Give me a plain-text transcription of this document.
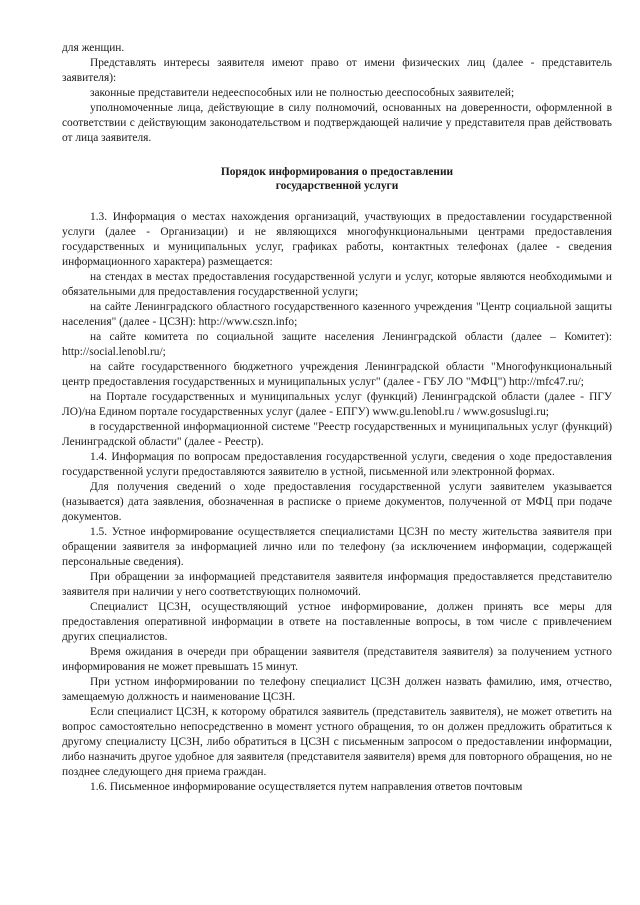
для женщин.

Представлять интересы заявителя имеют право от имени физических лиц (далее - представитель заявителя):

законные представители недееспособных или не полностью дееспособных заявителей;

уполномоченные лица, действующие в силу полномочий, основанных на доверенности, оформленной в соответствии с действующим законодательством и подтверждающей наличие у представителя прав действовать от лица заявителя.

Порядок информирования о предоставлении
государственной услуги

1.3. Информация о местах нахождения организаций, участвующих в предоставлении государственной услуги (далее - Организации) и не являющихся многофункциональными центрами предоставления государственных и муниципальных услуг, графиках работы, контактных телефонах (далее - сведения информационного характера) размещается:

на стендах в местах предоставления государственной услуги и услуг, которые являются необходимыми и обязательными для предоставления государственной услуги;

на сайте Ленинградского областного государственного казенного учреждения "Центр социальной защиты населения" (далее - ЦСЗН): http://www.cszn.info;

на сайте комитета по социальной защите населения Ленинградской области (далее – Комитет): http://social.lenobl.ru/;

на сайте государственного бюджетного учреждения Ленинградской области "Многофункциональный центр предоставления государственных и муниципальных услуг" (далее - ГБУ ЛО "МФЦ") http://mfc47.ru/;

на Портале государственных и муниципальных услуг (функций) Ленинградской области (далее - ПГУ ЛО)/на Едином портале государственных услуг (далее - ЕПГУ) www.gu.lenobl.ru / www.gosuslugi.ru;

в государственной информационной системе "Реестр государственных и муниципальных услуг (функций) Ленинградской области" (далее - Реестр).

1.4. Информация по вопросам предоставления государственной услуги, сведения о ходе предоставления государственной услуги предоставляются заявителю в устной, письменной или электронной формах.

Для получения сведений о ходе предоставления государственной услуги заявителем указывается (называется) дата заявления, обозначенная в расписке о приеме документов, полученной от МФЦ при подаче документов.

1.5. Устное информирование осуществляется специалистами ЦСЗН по месту жительства заявителя при обращении заявителя за информацией лично или по телефону (за исключением информации, содержащей персональные сведения).

При обращении за информацией представителя заявителя информация предоставляется представителю заявителя при наличии у него соответствующих полномочий.

Специалист ЦСЗН, осуществляющий устное информирование, должен принять все меры для предоставления оперативной информации в ответе на поставленные вопросы, в том числе с привлечением других специалистов.

Время ожидания в очереди при обращении заявителя (представителя заявителя) за получением устного информирования не может превышать 15 минут.

При устном информировании по телефону специалист ЦСЗН должен назвать фамилию, имя, отчество, замещаемую должность и наименование ЦСЗН.

Если специалист ЦСЗН, к которому обратился заявитель (представитель заявителя), не может ответить на вопрос самостоятельно непосредственно в момент устного обращения, то он должен предложить обратиться к другому специалисту ЦСЗН, либо обратиться в ЦСЗН с письменным запросом о предоставлении информации, либо назначить другое удобное для заявителя (представителя заявителя) время для повторного обращения, но не позднее следующего дня приема граждан.

1.6. Письменное информирование осуществляется путем направления ответов почтовым
